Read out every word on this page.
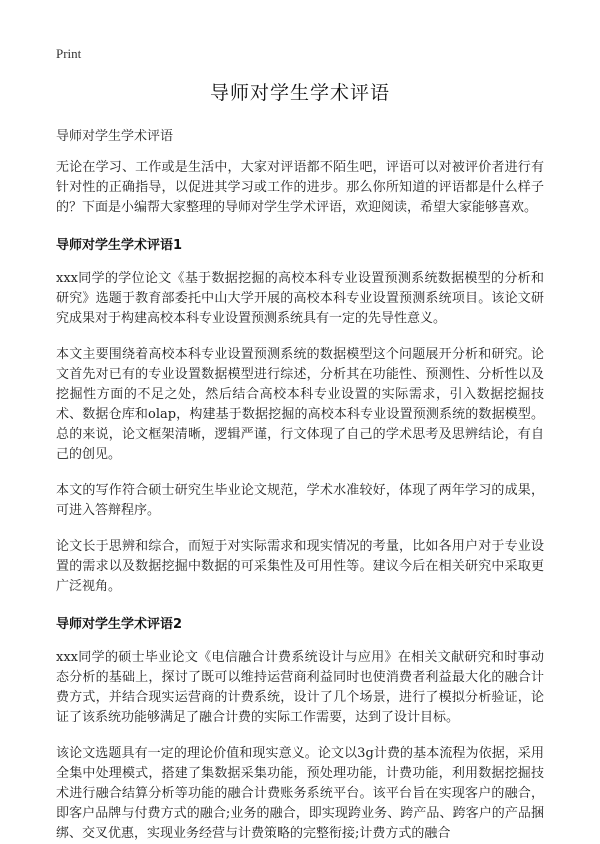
Print
导师对学生学术评语
导师对学生学术评语

无论在学习、工作或是生活中，大家对评语都不陌生吧，评语可以对被评价者进行有针对性的正确指导，以促进其学习或工作的进步。那么你所知道的评语都是什么样子的？下面是小编帮大家整理的导师对学生学术评语，欢迎阅读，希望大家能够喜欢。

导师对学生学术评语1

xxx同学的学位论文《基于数据挖掘的高校本科专业设置预测系统数据模型的分析和研究》选题于教育部委托中山大学开展的高校本科专业设置预测系统项目。该论文研究成果对于构建高校本科专业设置预测系统具有一定的先导性意义。

本文主要围绕着高校本科专业设置预测系统的数据模型这个问题展开分析和研究。论文首先对已有的专业设置数据模型进行综述，分析其在功能性、预测性、分析性以及挖掘性方面的不足之处，然后结合高校本科专业设置的实际需求，引入数据挖掘技术、数据仓库和olap，构建基于数据挖掘的高校本科专业设置预测系统的数据模型。总的来说，论文框架清晰，逻辑严谨，行文体现了自己的学术思考及思辨结论，有自己的创见。

本文的写作符合硕士研究生毕业论文规范，学术水准较好，体现了两年学习的成果，可进入答辩程序。

论文长于思辨和综合，而短于对实际需求和现实情况的考量，比如各用户对于专业设置的需求以及数据挖掘中数据的可采集性及可用性等。建议今后在相关研究中采取更广泛视角。

导师对学生学术评语2

xxx同学的硕士毕业论文《电信融合计费系统设计与应用》在相关文献研究和时事动态分析的基础上，探讨了既可以维持运营商利益同时也使消费者利益最大化的融合计费方式，并结合现实运营商的计费系统，设计了几个场景，进行了模拟分析验证，论证了该系统功能够满足了融合计费的实际工作需要，达到了设计目标。

该论文选题具有一定的理论价值和现实意义。论文以3g计费的基本流程为依据，采用全集中处理模式，搭建了集数据采集功能，预处理功能，计费功能，利用数据挖掘技术进行融合结算分析等功能的融合计费账务系统平台。该平台旨在实现客户的融合，即客户品牌与付费方式的融合;业务的融合，即实现跨业务、跨产品、跨客户的产品捆绑、交叉优惠，实现业务经营与计费策略的完整衔接;计费方式的融合
